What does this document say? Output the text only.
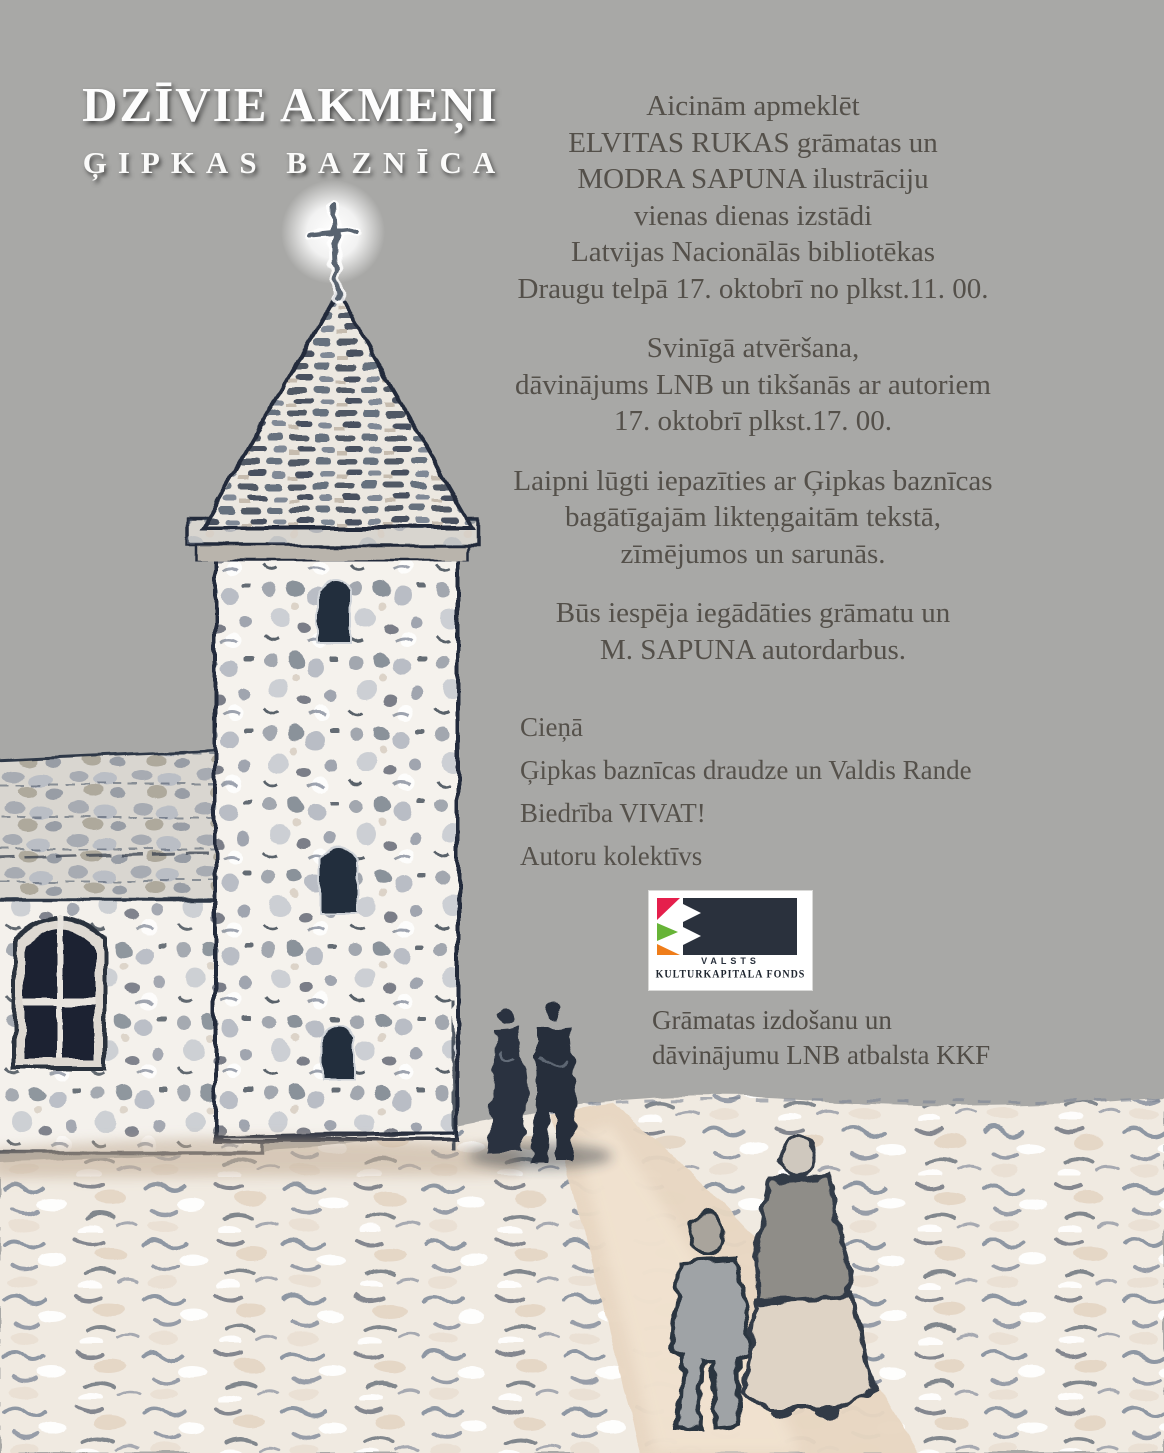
DZĪVIE AKMEŅI
ĢIPKAS BAZNĪCA
Aicinām apmeklēt
ELVITAS RUKAS grāmatas un
MODRA SAPUNA ilustrāciju
vienas dienas izstādi
Latvijas Nacionālās bibliotēkas
Draugu telpā 17. oktobrī no plkst.11. 00.
Svinīgā atvēršana,
dāvinājums LNB un tikšanās ar autoriem
17. oktobrī plkst.17. 00.
Laipni lūgti iepazīties ar Ģipkas baznīcas
bagātīgajām likteņgaitām tekstā,
zīmējumos un sarunās.
Būs iespēja iegādāties grāmatu un
M. SAPUNA autordarbus.
Cieņā
Ģipkas baznīcas draudze un Valdis Rande
Biedrība VIVAT!
Autoru kolektīvs
VALSTS
KULTURKAPITALA FONDS
Grāmatas izdošanu un
dāvinājumu LNB atbalsta KKF
